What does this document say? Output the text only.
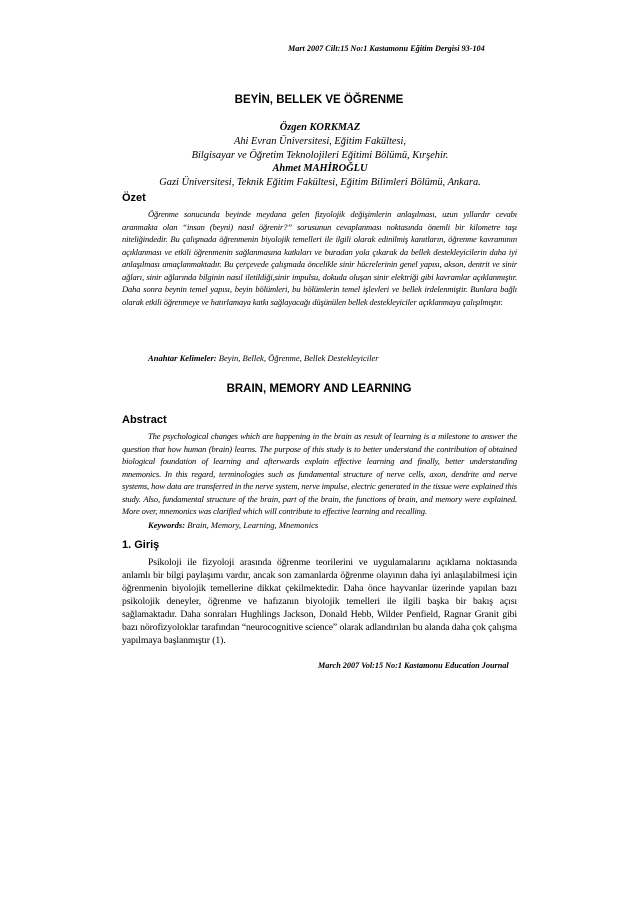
Mart 2007 Cilt:15 No:1 Kastamonu Eğitim Dergisi 93-104
BEYİN, BELLEK VE ÖĞRENME
Özgen KORKMAZ
Ahi Evran Üniversitesi, Eğitim Fakültesi,
Bilgisayar ve Öğretim Teknolojileri Eğitimi Bölümü, Kırşehir.
Ahmet MAHİROĞLU
Gazi Üniversitesi, Teknik Eğitim Fakültesi, Eğitim Bilimleri Bölümü, Ankara.
Özet

Öğrenme sonucunda beyinde meydana gelen fizyolojik değişimlerin anlaşılması, uzun yıllardır cevabı aranmakta olan “insan (beyni) nasıl öğrenir?” sorusunun cevaplanması noktasında önemli bir kilometre taşı niteliğindedir. Bu çalışmada öğrenmenin biyolojik temelleri ile ilgili olarak edinilmiş kanıtların, öğrenme kavramının açıklanması ve etkili öğrenmenin sağlanmasına katkıları ve buradan yola çıkarak da bellek destekleyicilerin daha iyi anlaşılması amaçlanmaktadır. Bu çerçevede çalışmada öncelikle sinir hücrelerinin genel yapısı, akson, dentrit ve sinir ağları, sinir ağlarında bilginin nasıl iletildiği,sinir impulsu, dokuda oluşan sinir elektriği gibi kavramlar açıklanmıştır. Daha sonra beynin temel yapısı, beyin bölümleri, bu bölümlerin temel işlevleri ve bellek irdelenmiştir. Bunlara bağlı olarak etkili öğrenmeye ve hatırlamaya katkı sağlayacağı düşünülen bellek destekleyiciler açıklanmaya çalışılmıştır.

Anahtar Kelimeler: Beyin, Bellek, Öğrenme, Bellek Destekleyiciler
BRAIN, MEMORY AND LEARNING
Abstract

The psychological changes which are happening in the brain as result of learning is a milestone to answer the question that how human (brain) learns. The purpose of this study is to better understand the contribution of obtained biological foundation of learning and afterwards explain effective learning and finally, better understanding mnemonics. In this regard, terminologies such as fundamental structure of nerve cells, axon, dendrite and nerve systems, how data are transferred in the nerve system, nerve impulse, electric generated in the tissue were explained this study. Also, fundamental structure of the brain, part of the brain, the functions of brain, and memory were explained. More over, mnemonics was clarified which will contribute to effective learning and recalling.

Keywords: Brain, Memory, Learning, Mnemonics
1. Giriş

Psikoloji ile fizyoloji arasında öğrenme teorilerini ve uygulamalarını açıklama noktasında anlamlı bir bilgi paylaşımı vardır, ancak son zamanlarda öğrenme olayının daha iyi anlaşılabilmesi için öğrenmenin biyolojik temellerine dikkat çekilmektedir. Daha önce hayvanlar üzerinde yapılan bazı psikolojik deneyler, öğrenme ve hafızanın biyolojik temelleri ile ilgili başka bir bakış açısı sağlamaktadır. Daha sonraları Hughlings Jackson, Donald Hebb, Wilder Penfield, Ragnar Granit gibi bazı nörofizyoloklar tarafından “neurocognitive science” olarak adlandırılan bu alanda daha çok çalışma yapılmaya başlanmıştır (1).

March 2007 Vol:15 No:1 Kastamonu Education Journal
